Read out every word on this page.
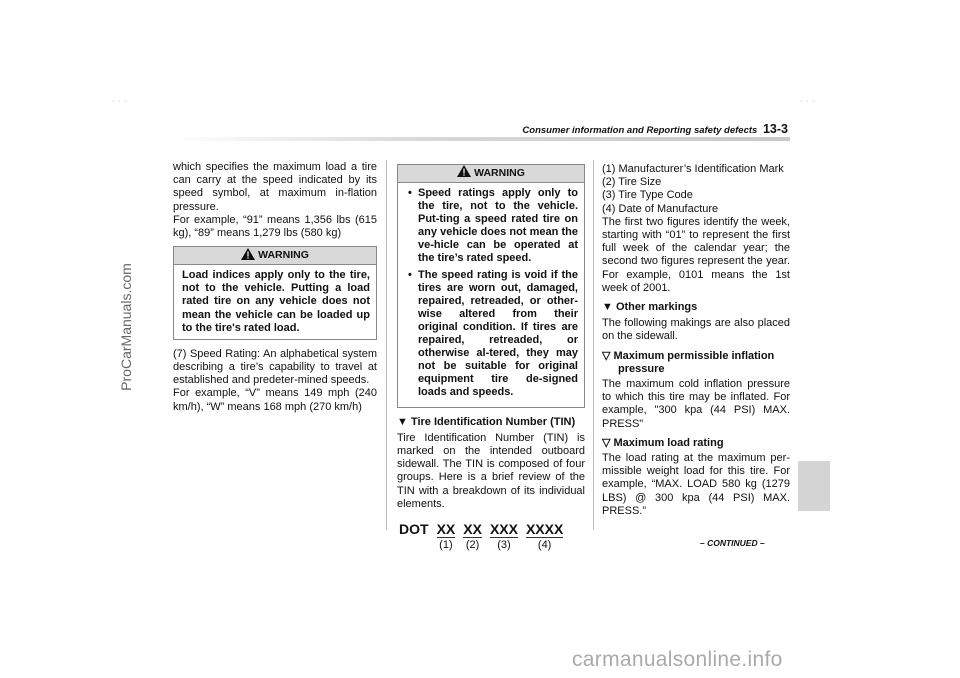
ProCarManuals.com
˙ ˙ ˙	˙ ˙ ˙
Consumer information and Reporting safety defects 13-3

which specifies the maximum load a tire can carry at the speed indicated by its speed symbol, at maximum in-flation pressure.

For example, “91” means 1,356 lbs (615 kg), “89” means 1,279 lbs (580 kg)

WARNING
Load indices apply only to the tire, not to the vehicle. Putting a load rated tire on any vehicle does not mean the vehicle can be loaded up to the tire's rated load.

(7) Speed Rating: An alphabetical system describing a tire’s capability to travel at established and predeter-mined speeds.

For example, “V” means 149 mph (240 km/h), “W” means 168 mph (270 km/h)

WARNING
• Speed ratings apply only to the tire, not to the vehicle. Put-ting a speed rated tire on any vehicle does not mean the ve-hicle can be operated at the tire’s rated speed.
• The speed rating is void if the tires are worn out, damaged, repaired, retreaded, or other-wise altered from their original condition. If tires are repaired, retreaded, or otherwise al-tered, they may not be suitable for original equipment tire de-signed loads and speeds.
▼ Tire Identification Number (TIN)

Tire Identification Number (TIN) is marked on the intended outboard sidewall. The TIN is composed of four groups. Here is a brief review of the TIN with a breakdown of its individual elements.

DOT XX
(1)
XX
(2)
XXX
(3)
XXXX
(4)

(1) Manufacturer’s Identification Mark

(2) Tire Size

(3) Tire Type Code

(4) Date of Manufacture

The first two figures identify the week, starting with “01” to represent the first full week of the calendar year; the second two figures represent the year. For example, 0101 means the 1st week of 2001.

▼ Other markings

The following makings are also placed on the sidewall.

▽ Maximum permissible inflation pressure

The maximum cold inflation pressure to which this tire may be inflated. For example, "300 kpa (44 PSI) MAX. PRESS"

▽ Maximum load rating

The load rating at the maximum per-missible weight load for this tire. For example, “MAX. LOAD 580 kg (1279 LBS) @ 300 kpa (44 PSI) MAX. PRESS.”

– CONTINUED –
carmanualsonline.info
